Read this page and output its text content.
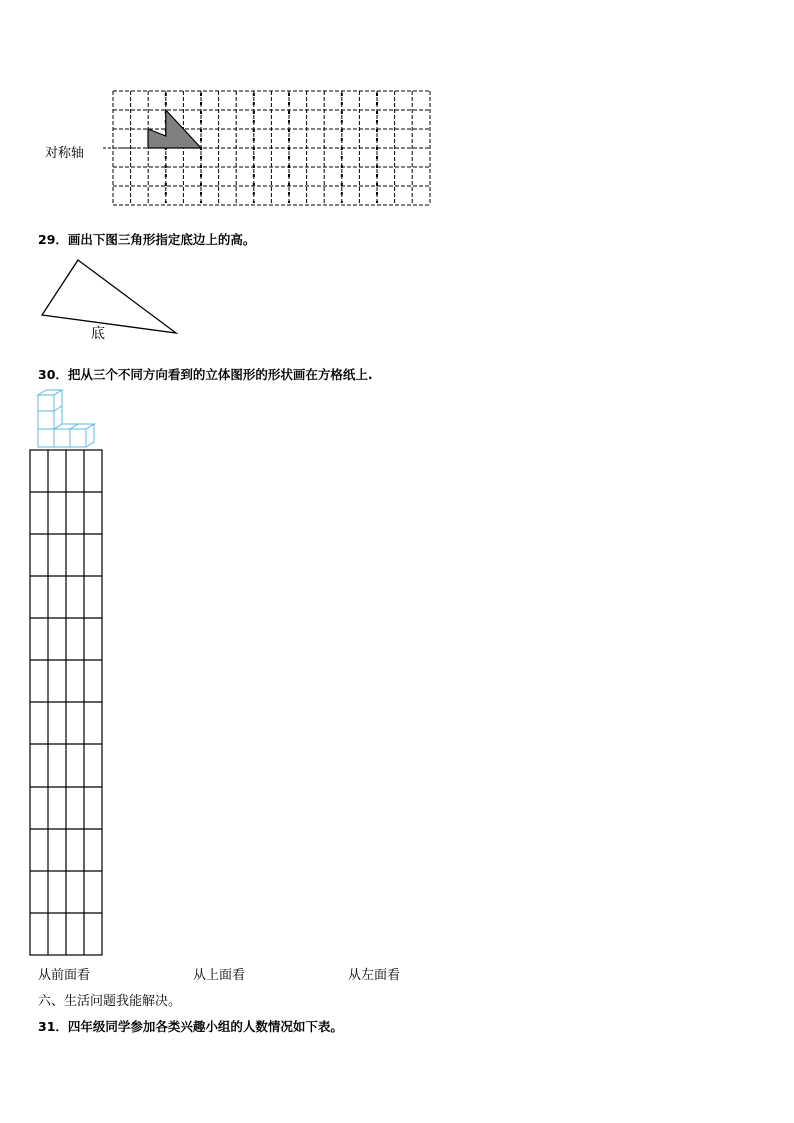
对称轴
29．画出下图三角形指定底边上的高。
底
30．把从三个不同方向看到的立体图形的形状画在方格纸上.
从前面看	从上面看	从左面看
六、生活问题我能解决。
31．四年级同学参加各类兴趣小组的人数情况如下表。
